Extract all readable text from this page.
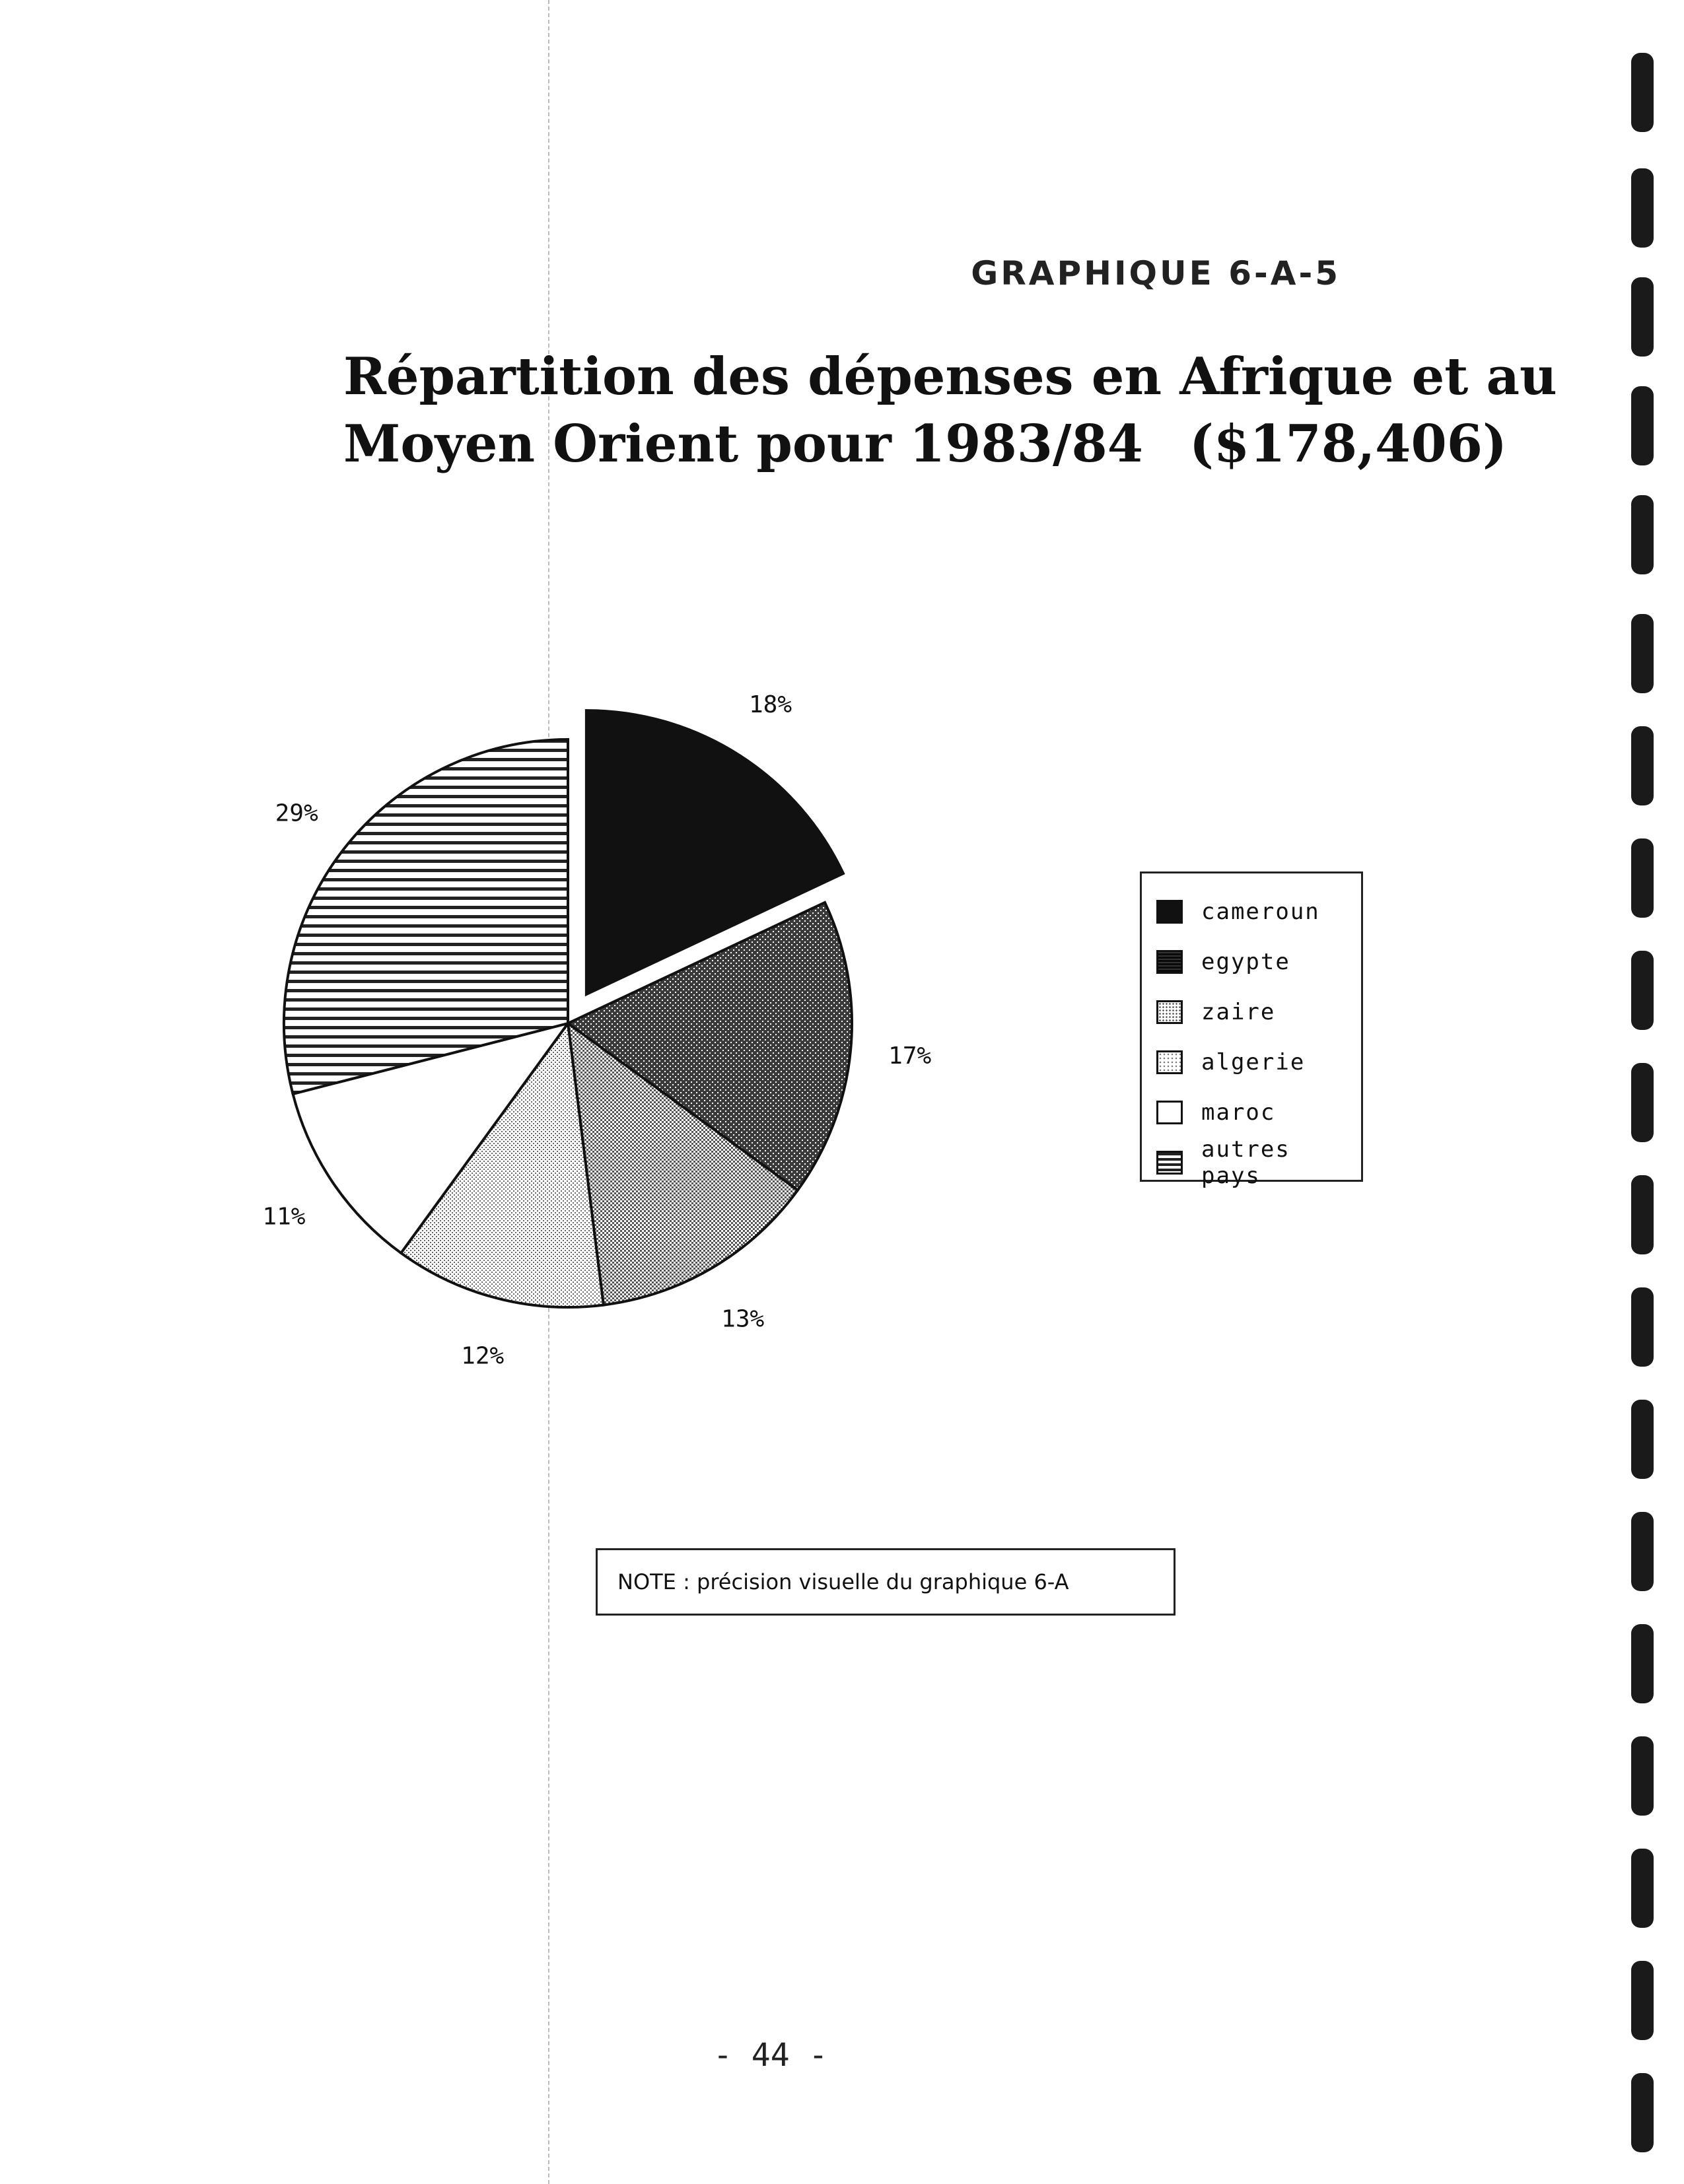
GRAPHIQUE 6-A-5
Répartition des dépenses en Afrique et au
Moyen Orient pour 1983/84 ($178,406)
18%
17%
13%
12%
11%
29%
cameroun
egypte
zaire
algerie
maroc
autres pays
NOTE : précision visuelle du graphique 6-A
- 44 -
